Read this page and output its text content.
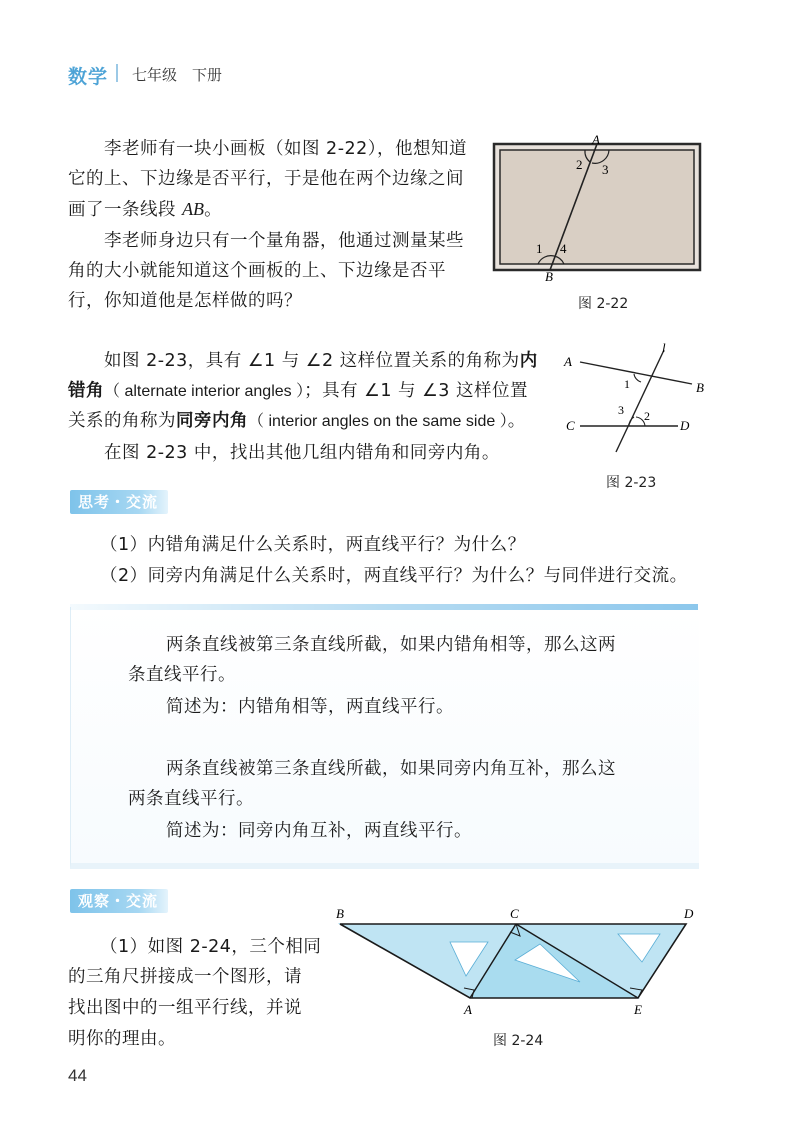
数学 七年级　下册
李老师有一块小画板（如图 2-22），他想知道
它的上、下边缘是否平行，于是他在两个边缘之间
画了一条线段 AB。
李老师身边只有一个量角器，他通过测量某些
角的大小就能知道这个画板的上、下边缘是否平
行，你知道他是怎样做的吗？
A
B
2 3
1 4
图 2-22
如图 2-23，具有 ∠1 与 ∠2 这样位置关系的角称为内
错角（ alternate interior angles ）；具有 ∠1 与 ∠3 这样位置
关系的角称为同旁内角（ interior angles on the same side ）。
在图 2-23 中，找出其他几组内错角和同旁内角。
A
B
C	D
l
1
3 2
图 2-23
思考・交流
（1）内错角满足什么关系时，两直线平行？为什么？
（2）同旁内角满足什么关系时，两直线平行？为什么？与同伴进行交流。
两条直线被第三条直线所截，如果内错角相等，那么这两
条直线平行。
简述为：内错角相等，两直线平行。
两条直线被第三条直线所截，如果同旁内角互补，那么这
两条直线平行。
简述为：同旁内角互补，两直线平行。
观察・交流
（1）如图 2-24，三个相同
的三角尺拼接成一个图形，请
找出图中的一组平行线，并说
明你的理由。
B	C	D
A	E
图 2-24
44
